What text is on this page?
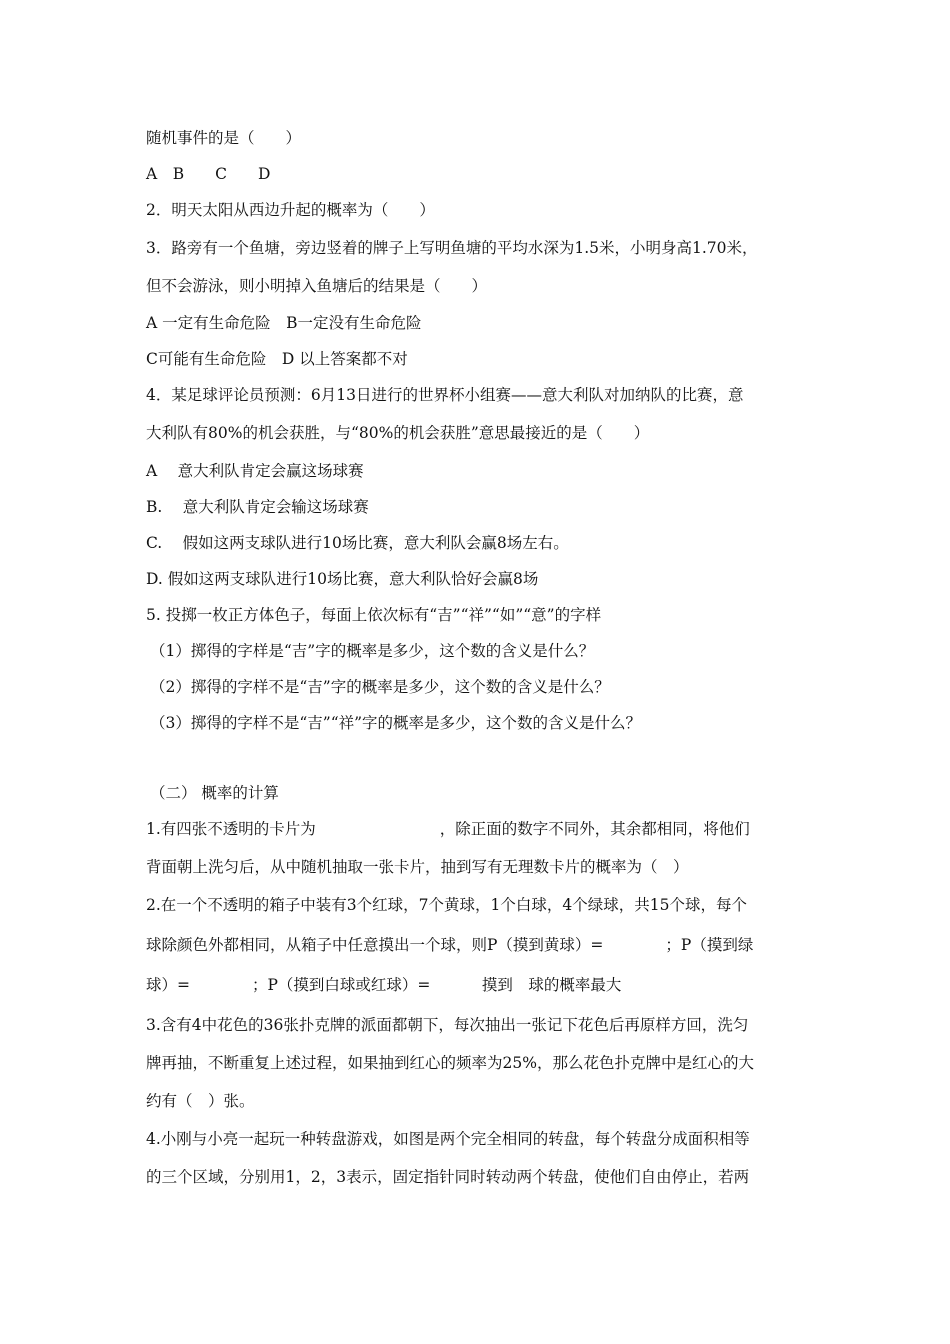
随机事件的是（　　）
A　B　　C　　D
2．明天太阳从西边升起的概率为（　　）
3．路旁有一个鱼塘，旁边竖着的牌子上写明鱼塘的平均水深为1.5米，小明身高1.70米，
但不会游泳，则小明掉入鱼塘后的结果是（　　）
A 一定有生命危险　B一定没有生命危险
C可能有生命危险　D 以上答案都不对
4．某足球评论员预测：6月13日进行的世界杯小组赛——意大利队对加纳队的比赛，意
大利队有80%的机会获胜，与“80%的机会获胜”意思最接近的是（　　）
A　 意大利队肯定会赢这场球赛
B.　 意大利队肯定会输这场球赛
C.　 假如这两支球队进行10场比赛，意大利队会赢8场左右。
D. 假如这两支球队进行10场比赛，意大利队恰好会赢8场
5. 投掷一枚正方体色子，每面上依次标有“吉”“祥”“如”“意”的字样
（1）掷得的字样是“吉”字的概率是多少，这个数的含义是什么？
（2）掷得的字样不是“吉”字的概率是多少，这个数的含义是什么？
（3）掷得的字样不是“吉”“祥”字的概率是多少，这个数的含义是什么？
（二） 概率的计算
1.有四张不透明的卡片为　　　　　　　　，除正面的数字不同外，其余都相同，将他们
背面朝上洗匀后，从中随机抽取一张卡片，抽到写有无理数卡片的概率为（　）
2.在一个不透明的箱子中装有3个红球，7个黄球，1个白球，4个绿球，共15个球，每个
球除颜色外都相同，从箱子中任意摸出一个球，则P（摸到黄球）=　　　　；P（摸到绿
球）=　　　　；P（摸到白球或红球）=　　　 摸到　球的概率最大
3.含有4中花色的36张扑克牌的派面都朝下，每次抽出一张记下花色后再原样方回，洗匀
牌再抽，不断重复上述过程，如果抽到红心的频率为25%，那么花色扑克牌中是红心的大
约有（　）张。
4.小刚与小亮一起玩一种转盘游戏，如图是两个完全相同的转盘，每个转盘分成面积相等
的三个区域，分别用1，2，3表示，固定指针同时转动两个转盘，使他们自由停止，若两
